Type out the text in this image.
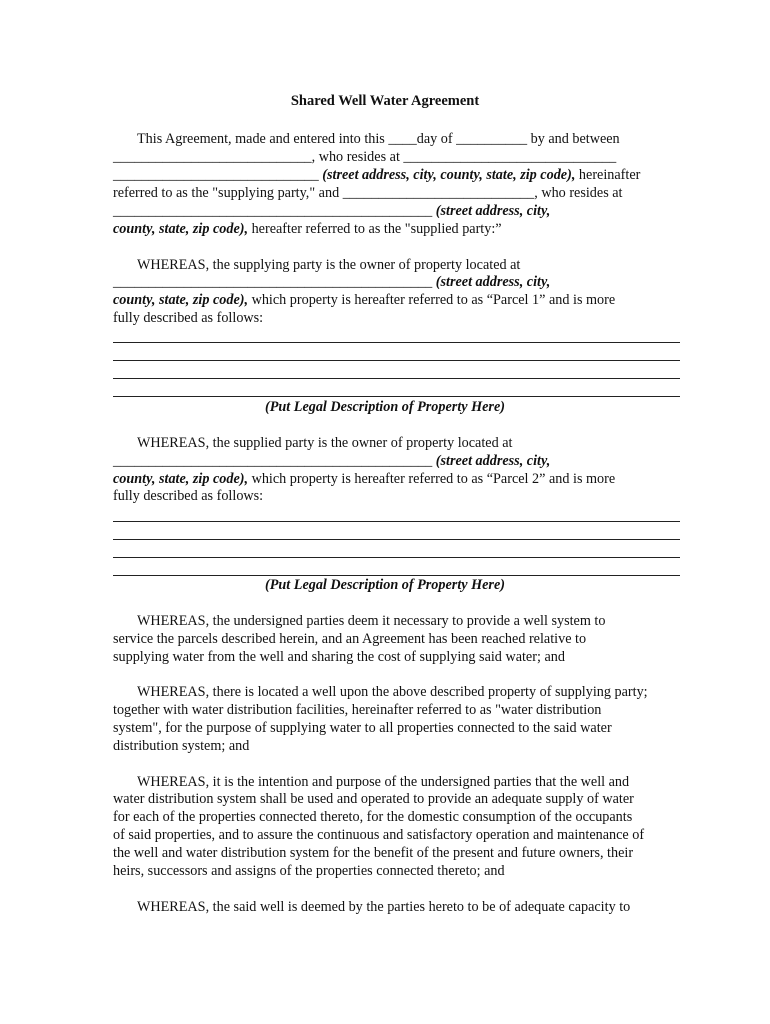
Shared Well Water Agreement
This Agreement, made and entered into this ____day of __________ by and between
____________________________, who resides at ______________________________
_____________________________ (street address, city, county, state, zip code), hereinafter
referred to as the "supplying party," and ___________________________, who resides at
_____________________________________________ (street address, city,
county, state, zip code), hereafter referred to as the "supplied party:”
WHEREAS, the supplying party is the owner of property located at
_____________________________________________ (street address, city,
county, state, zip code), which property is hereafter referred to as “Parcel 1” and is more
fully described as follows:
(Put Legal Description of Property Here)
WHEREAS, the supplied party is the owner of property located at
_____________________________________________ (street address, city,
county, state, zip code), which property is hereafter referred to as “Parcel 2” and is more
fully described as follows:
(Put Legal Description of Property Here)
WHEREAS, the undersigned parties deem it necessary to provide a well system to
service the parcels described herein, and an Agreement has been reached relative to
supplying water from the well and sharing the cost of supplying said water; and
WHEREAS, there is located a well upon the above described property of supplying party;
together with water distribution facilities, hereinafter referred to as "water distribution
system", for the purpose of supplying water to all properties connected to the said water
distribution system; and
WHEREAS, it is the intention and purpose of the undersigned parties that the well and
water distribution system shall be used and operated to provide an adequate supply of water
for each of the properties connected thereto, for the domestic consumption of the occupants
of said properties, and to assure the continuous and satisfactory operation and maintenance of
the well and water distribution system for the benefit of the present and future owners, their
heirs, successors and assigns of the properties connected thereto; and
WHEREAS, the said well is deemed by the parties hereto to be of adequate capacity to
